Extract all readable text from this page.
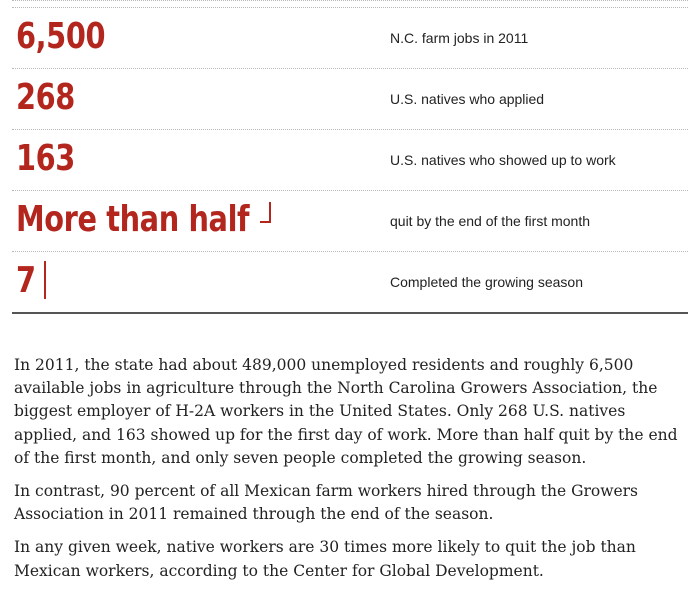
6,500	N.C. farm jobs in 2011
268	U.S. natives who applied
163	U.S. natives who showed up to work
More than half	quit by the end of the first month
7	Completed the growing season

In 2011, the state had about 489,000 unemployed residents and roughly 6,500 available jobs in agriculture through the North Carolina Growers Association, the biggest employer of H-2A workers in the United States. Only 268 U.S. natives applied, and 163 showed up for the first day of work. More than half quit by the end of the first month, and only seven people completed the growing season.

In contrast, 90 percent of all Mexican farm workers hired through the Growers Association in 2011 remained through the end of the season.

In any given week, native workers are 30 times more likely to quit the job than Mexican workers, according to the Center for Global Development.
